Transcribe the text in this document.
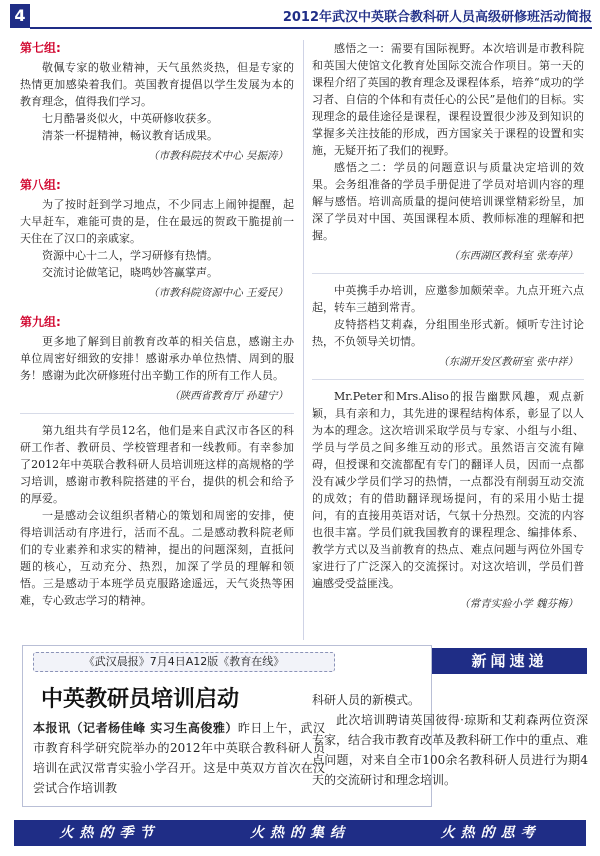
4	2012年武汉中英联合教科研人员高级研修班活动简报
第七组:

敬佩专家的敬业精神，天气虽然炎热，但是专家的热情更加感染着我们。英国教育提倡以学生发展为本的教育理念，值得我们学习。

七月酷暑炎似火，中英研修收获多。

清茶一杯提精神，畅议教育话成果。

（市教科院技术中心 吴振涛）

第八组:

为了按时赶到学习地点，不少同志上闹钟提醒，起大早赶车，难能可贵的是，住在最远的贺政干脆提前一天住在了汉口的亲戚家。

资源中心十二人，学习研修有热情。

交流讨论做笔记，晓鸣妙答赢掌声。

（市教科院资源中心 王爱民）

第九组:

更多地了解到目前教育改革的相关信息，感谢主办单位周密好细致的安排！感谢承办单位热情、周到的服务！感谢为此次研修班付出辛勤工作的所有工作人员。

（陕西省教育厅 孙建宁）

第九组共有学员12名，他们是来自武汉市各区的科研工作者、教研员、学校管理者和一线教师。有幸参加了2012年中英联合教科研人员培训班这样的高规格的学习培训，感谢市教科院搭建的平台，提供的机会和给予的厚爱。

一是感动会议组织者精心的策划和周密的安排，使得培训活动有序进行，活而不乱。二是感动教科院老师们的专业素养和求实的精神，提出的问题深刻，直抵问题的核心，互动充分、热烈，加深了学员的理解和领悟。三是感动于本班学员克服路途遥远，天气炎热等困难，专心致志学习的精神。

感悟之一：需要有国际视野。本次培训是市教科院和英国大使馆文化教育处国际交流合作项目。第一天的课程介绍了英国的教育理念及课程体系，培养“成功的学习者、自信的个体和有责任心的公民”是他们的目标。实现理念的最佳途径是课程，课程设置很少涉及到知识的掌握多关注技能的形成，西方国家关于课程的设置和实施，无疑开拓了我们的视野。

感悟之二：学员的问题意识与质量决定培训的效果。会务组准备的学员手册促进了学员对培训内容的理解与感悟。培训高质量的提问使培训课堂精彩纷呈，加深了学员对中国、英国课程本质、教师标准的理解和把握。

（东西湖区教科室 张寿萍）

中英携手办培训，应邀参加颇荣幸。九点开班六点起，转车三趟到常青。

皮特搭档艾莉森，分组围坐形式新。倾听专注讨论热，不负领导关切情。

（东湖开发区教研室 张中祥）

Mr.Peter和Mrs.Aliso的报告幽默风趣，观点新颖，具有亲和力，其先进的课程结构体系，彰显了以人为本的理念。这次培训采取学员与专家、小组与小组、学员与学员之间多维互动的形式。虽然语言交流有障碍，但授课和交流都配有专门的翻译人员，因而一点都没有减少学员们学习的热情，一点都没有削弱互动交流的成效；有的借助翻译现场提问，有的采用小贴士提问，有的直接用英语对话，气氛十分热烈。交流的内容也很丰富。学员们就我国教育的课程理念、编排体系、教学方式以及当前教育的热点、难点问题与两位外国专家进行了广泛深入的交流探讨。对这次培训，学员们普遍感受受益匪浅。

（常青实验小学 魏芬梅）

《武汉晨报》7月4日A12版《教育在线》
中英教研员培训启动
本报讯（记者杨佳峰 实习生高俊雅）昨日上午，武汉市教育科学研究院举办的2012年中英联合教科研人员培训在武汉常青实验小学召开。这是中英双方首次在汉尝试合作培训教
新闻速递

科研人员的新模式。

此次培训聘请英国彼得·琼斯和艾莉森两位资深专家，结合我市教育改革及教科研工作中的重点、难点问题，对来自全市100余名教科研人员进行为期4天的交流研讨和理念培训。

火热的季节	火热的集结	火热的思考
